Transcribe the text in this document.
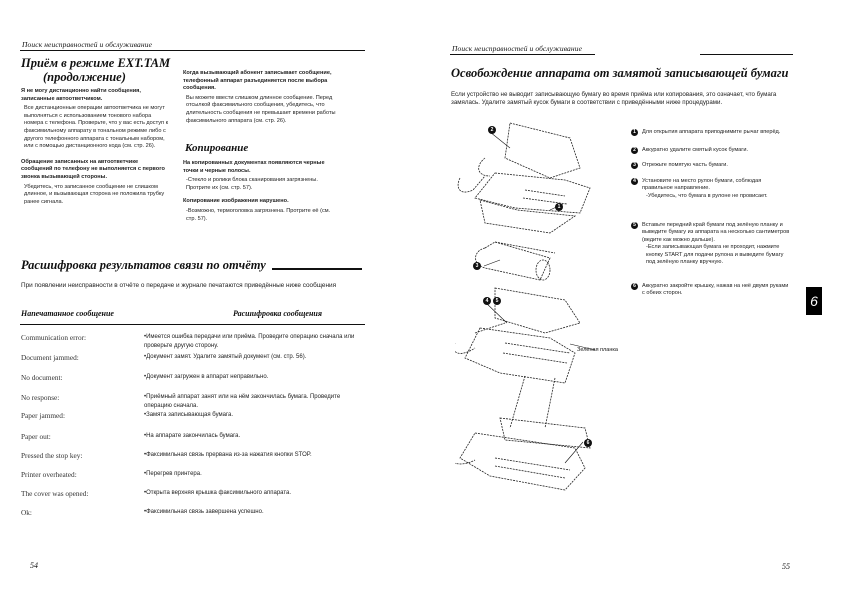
Поиск неисправностей и обслуживание
Приём в режиме EXT.TAM
(продолжение)

Я не могу дистанционно найти сообщения, записанные автоответчиком.

Все дистанционные операции автоответчика не могут выполняться с использованием тонового набора номера с телефона. Проверьте, что у вас есть доступ к факсимильному аппарату в тональном режиме либо с другого телефонного аппарата с тональным набором, или с помощью дистанционного кода (см. стр. 26).

Обращение записанных на автоответчике сообщений по телефону не выполняется с первого звонка вызывающей стороны.

Убедитесь, что записанное сообщение не слишком длинное, и вызывающая сторона не положила трубку ранее сигнала.

Когда вызывающий абонент записывает сообщение, телефонный аппарат разъединяется после выбора сообщения.

Вы можете ввести слишком длинное сообщение. Перед отсылкой факсимильного сообщения, убедитесь, что длительность сообщения не превышает времени работы факсимильного аппарата (см. стр. 26).

Копирование

На копированных документах появляются черные точки и черные полосы.

-Стекло и ролики блока сканирования загрязнены. Протрите их (см. стр. 57).

Копирование изображения нарушено.

-Возможно, термоголовка загрязнена. Протрите её (см. стр. 57).

Расшифровка результатов связи по отчёту
При появлении неисправности в отчёте о передаче и журнале печатаются приведённые ниже сообщения
Напечатанное сообщение	Расшифровка сообщения
Communication error:	•Имеется ошибка передачи или приёма. Проведите операцию сначала или проверьте другую сторону.
Document jammed:	•Документ замят. Удалите замятый документ (см. стр. 56).
No document:	•Документ загружен в аппарат неправильно.
No response:	•Приёмный аппарат занят или на нём закончилась бумага. Проведите операцию сначала.
Paper jammed:	•Замята записывающая бумага.
Paper out:	•На аппарате закончилась бумага.
Pressed the stop key:	•Факсимильная связь прервана из-за нажатия кнопки STOP.
Printer overheated:	•Перегрев принтера.
The cover was opened:	•Открыта верхняя крышка факсимильного аппарата.
Ok:	•Факсимильная связь завершена успешно.
54
Поиск неисправностей и обслуживание
Освобождение аппарата от замятой записывающей бумаги
Если устройство не выводит записывающую бумагу во время приёма или копирования, это означает, что бумага замялась. Удалите замятый кусок бумаги в соответствии с приведёнными ниже процедурами.
2
1
3
4	5
6
Зелёная планка
1	Для открытия аппарата приподнимите рычаг вперёд.
2	Аккуратно удалите смятый кусок бумаги.
3	Отрежьте помятую часть бумаги.
4	Установите на место рулон бумаги, соблюдая правильное направление.
-Убедитесь, что бумага в рулоне не провисает.
5	Вставьте передний край бумаги под зелёную планку и выведите бумагу из аппарата на несколько сантиметров (ведите как можно дальше).
-Если записывающая бумага не проходит, нажмите кнопку START для подачи рулона и выведите бумагу под зелёную планку вручную.
6	Аккуратно закройте крышку, нажав на неё двумя руками с обеих сторон.	6
55
